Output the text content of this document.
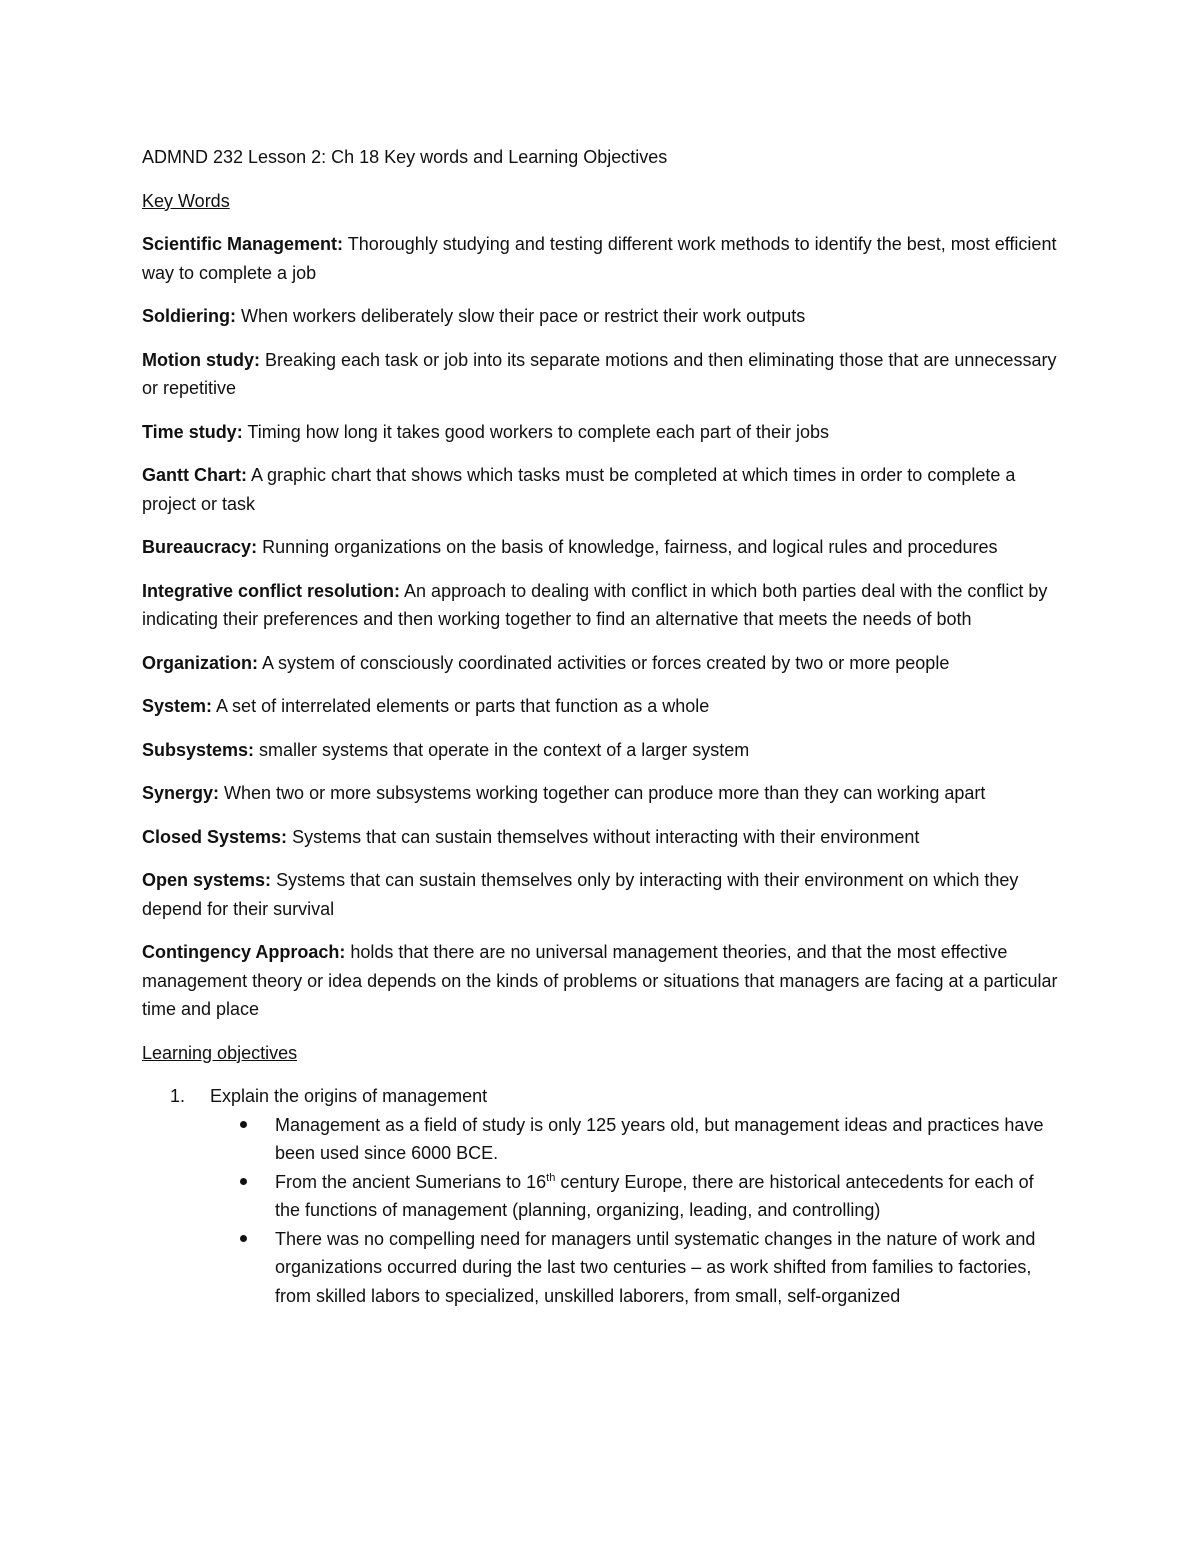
ADMND 232 Lesson 2: Ch 18 Key words and Learning Objectives

Key Words

Scientific Management: Thoroughly studying and testing different work methods to identify the best, most efficient way to complete a job

Soldiering: When workers deliberately slow their pace or restrict their work outputs

Motion study: Breaking each task or job into its separate motions and then eliminating those that are unnecessary or repetitive

Time study: Timing how long it takes good workers to complete each part of their jobs

Gantt Chart: A graphic chart that shows which tasks must be completed at which times in order to complete a project or task

Bureaucracy: Running organizations on the basis of knowledge, fairness, and logical rules and procedures

Integrative conflict resolution: An approach to dealing with conflict in which both parties deal with the conflict by indicating their preferences and then working together to find an alternative that meets the needs of both

Organization: A system of consciously coordinated activities or forces created by two or more people

System: A set of interrelated elements or parts that function as a whole

Subsystems: smaller systems that operate in the context of a larger system

Synergy: When two or more subsystems working together can produce more than they can working apart

Closed Systems: Systems that can sustain themselves without interacting with their environment

Open systems: Systems that can sustain themselves only by interacting with their environment on which they depend for their survival

Contingency Approach: holds that there are no universal management theories, and that the most effective management theory or idea depends on the kinds of problems or situations that managers are facing at a particular time and place

Learning objectives

1. Explain the origins of management
Management as a field of study is only 125 years old, but management ideas and practices have been used since 6000 BCE.
From the ancient Sumerians to 16th century Europe, there are historical antecedents for each of the functions of management (planning, organizing, leading, and controlling)
There was no compelling need for managers until systematic changes in the nature of work and organizations occurred during the last two centuries – as work shifted from families to factories, from skilled labors to specialized, unskilled laborers, from small, self-organized
